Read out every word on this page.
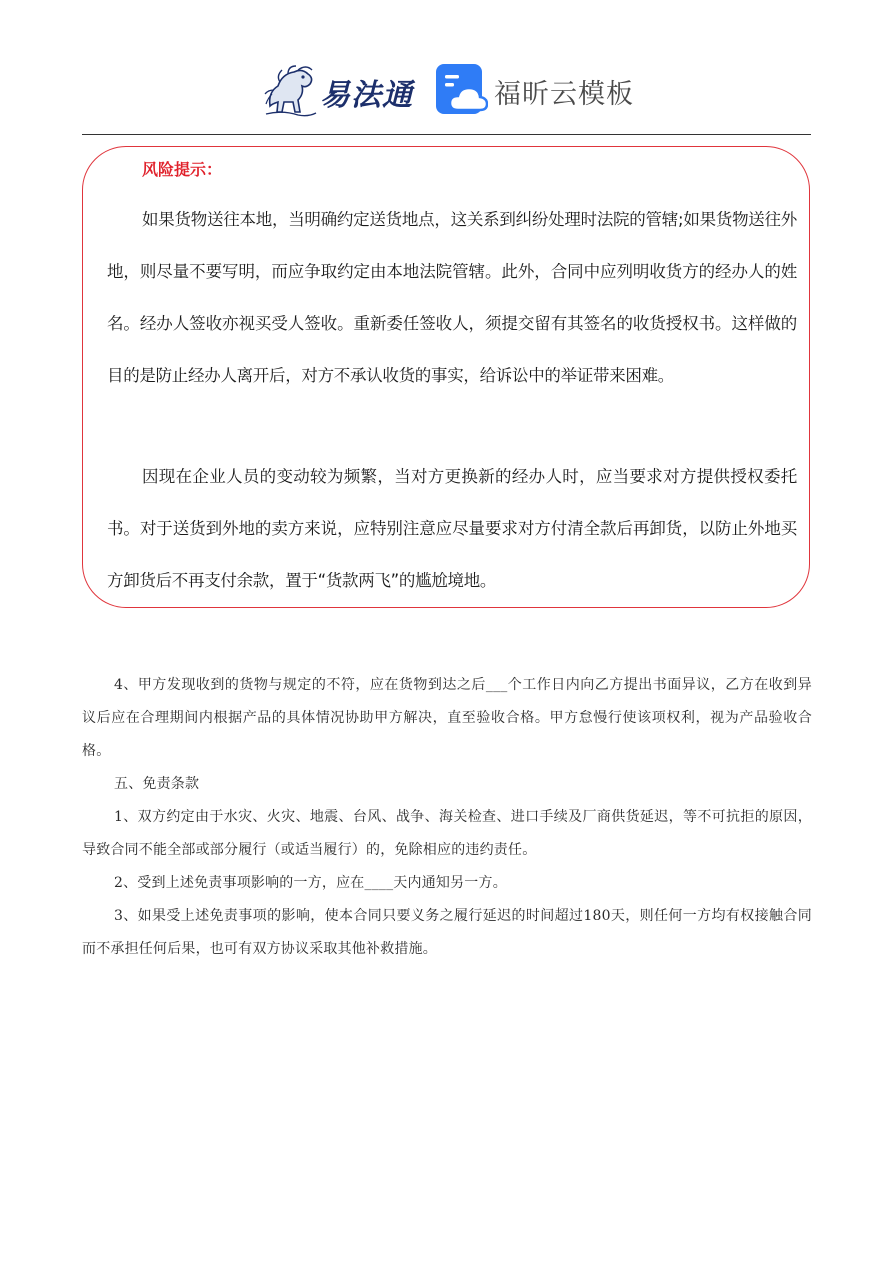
易法通	福昕云模板
风险提示：

如果货物送往本地，当明确约定送货地点，这关系到纠纷处理时法院的管辖;如果货物送往外地，则尽量不要写明，而应争取约定由本地法院管辖。此外，合同中应列明收货方的经办人的姓名。经办人签收亦视买受人签收。重新委任签收人，须提交留有其签名的收货授权书。这样做的目的是防止经办人离开后，对方不承认收货的事实，给诉讼中的举证带来困难。

因现在企业人员的变动较为频繁，当对方更换新的经办人时，应当要求对方提供授权委托书。对于送货到外地的卖方来说，应特别注意应尽量要求对方付清全款后再卸货，以防止外地买方卸货后不再支付余款，置于“货款两飞”的尴尬境地。

4、甲方发现收到的货物与规定的不符，应在货物到达之后___个工作日内向乙方提出书面异议，乙方在收到异议后应在合理期间内根据产品的具体情况协助甲方解决，直至验收合格。甲方怠慢行使该项权利，视为产品验收合格。

五、免责条款

1、双方约定由于水灾、火灾、地震、台风、战争、海关检查、进口手续及厂商供货延迟，等不可抗拒的原因，导致合同不能全部或部分履行（或适当履行）的，免除相应的违约责任。

2、受到上述免责事项影响的一方，应在____天内通知另一方。

3、如果受上述免责事项的影响，使本合同只要义务之履行延迟的时间超过180天，则任何一方均有权接触合同而不承担任何后果，也可有双方协议采取其他补救措施。
